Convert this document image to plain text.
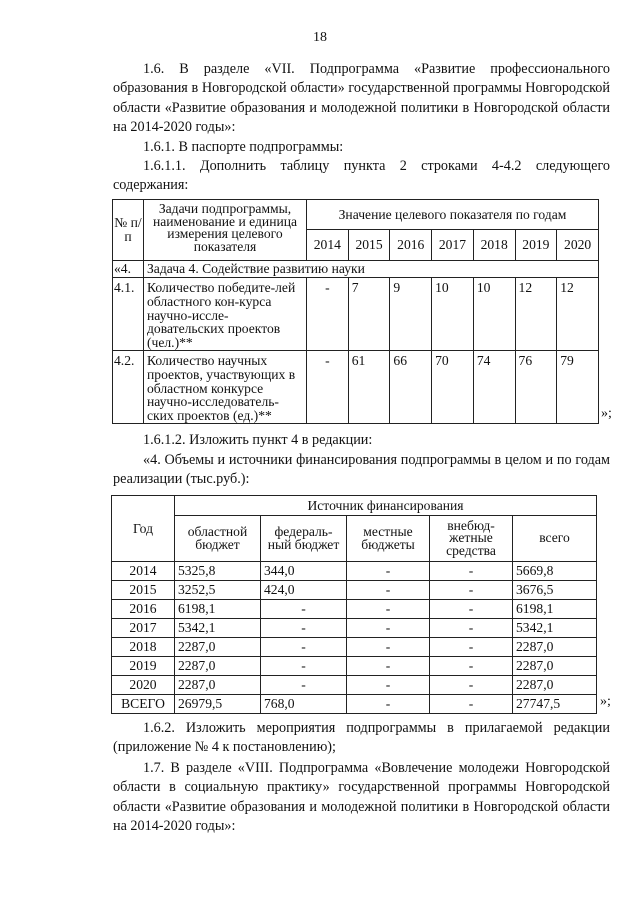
18
1.6. В разделе «VII. Подпрограмма «Развитие профессионального образования в Новгородской области» государственной программы Новгородской области «Развитие образования и молодежной политики в Новгородской области на 2014-2020 годы»:
1.6.1. В паспорте подпрограммы:
1.6.1.1. Дополнить таблицу пункта 2 строками 4-4.2 следующего содержания:
№ п/п	Задачи подпрограммы, наименование и единица измерения целевого показателя	Значение целевого показателя по годам						
		2014	2015	2016	2017	2018	2019	2020
«4.	Задача 4. Содействие развитию науки							
4.1.	Количество победите-лей областного кон-курса научно-иссле-довательских проектов (чел.)**	-	7	9	10	10	12	12
4.2.	Количество научных проектов, участвующих в областном конкурсе научно-исследователь-ских проектов (ед.)**	-	61	66	70	74	76	79
»;
1.6.1.2. Изложить пункт 4 в редакции:
«4. Объемы и источники финансирования подпрограммы в целом и по годам реализации (тыс.руб.):
Год	Источник финансирования				
	областной бюджет	федераль-ный бюджет	местные бюджеты	внебюд-жетные средства	всего
2014	5325,8	344,0	-	-	5669,8
2015	3252,5	424,0	-	-	3676,5
2016	6198,1	-	-	-	6198,1
2017	5342,1	-	-	-	5342,1
2018	2287,0	-	-	-	2287,0
2019	2287,0	-	-	-	2287,0
2020	2287,0	-	-	-	2287,0
ВСЕГО	26979,5	768,0	-	-	27747,5	»;
1.6.2. Изложить мероприятия подпрограммы в прилагаемой редакции (приложение № 4 к постановлению);
1.7. В разделе «VIII. Подпрограмма «Вовлечение молодежи Новгородской области в социальную практику» государственной программы Новгородской области «Развитие образования и молодежной политики в Новгородской области на 2014-2020 годы»:
